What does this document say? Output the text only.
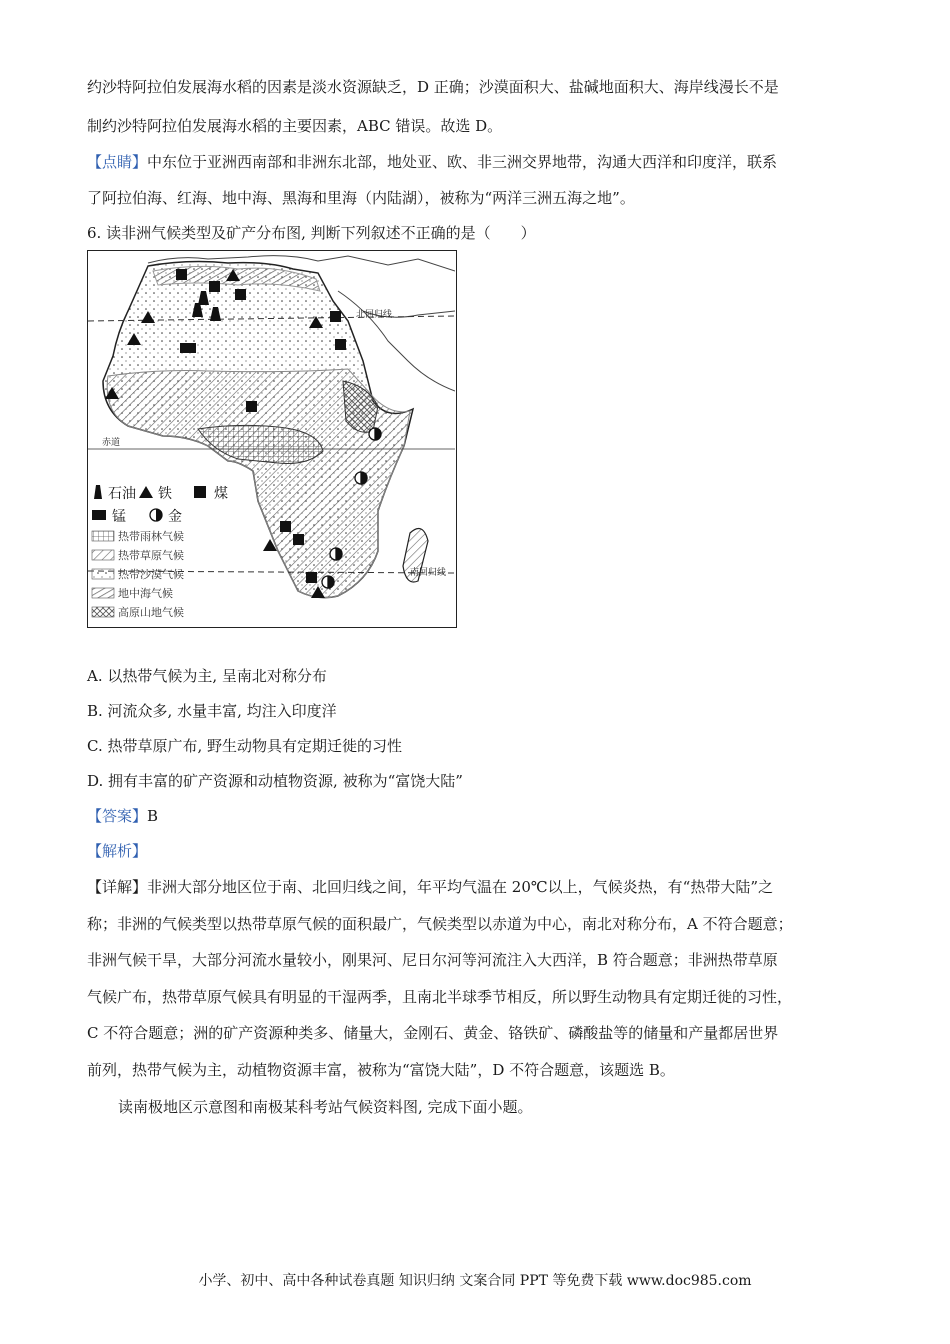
约沙特阿拉伯发展海水稻的因素是淡水资源缺乏，D 正确；沙漠面积大、盐碱地面积大、海岸线漫长不是
制约沙特阿拉伯发展海水稻的主要因素，ABC 错误。故选 D。
【点睛】中东位于亚洲西南部和非洲东北部，地处亚、欧、非三洲交界地带，沟通大西洋和印度洋，联系
了阿拉伯海、红海、地中海、黑海和里海（内陆湖），被称为“两洋三洲五海之地”。
6. 读非洲气候类型及矿产分布图, 判断下列叙述不正确的是（　　）
北回归线
赤道
南回归线
石油 铁	煤
锰	金
热带雨林气候
热带草原气候
热带沙漠气候
地中海气候
高原山地气候
A. 以热带气候为主, 呈南北对称分布
B. 河流众多, 水量丰富, 均注入印度洋
C. 热带草原广布, 野生动物具有定期迁徙的习性
D. 拥有丰富的矿产资源和动植物资源, 被称为“富饶大陆”
【答案】B
【解析】
【详解】非洲大部分地区位于南、北回归线之间，年平均气温在 20℃以上，气候炎热，有“热带大陆”之
称；非洲的气候类型以热带草原气候的面积最广，气候类型以赤道为中心，南北对称分布，A 不符合题意；
非洲气候干旱，大部分河流水量较小，刚果河、尼日尔河等河流注入大西洋，B 符合题意；非洲热带草原
气候广布，热带草原气候具有明显的干湿两季，且南北半球季节相反，所以野生动物具有定期迁徙的习性，
C 不符合题意；洲的矿产资源种类多、储量大，金刚石、黄金、铬铁矿、磷酸盐等的储量和产量都居世界
前列，热带气候为主，动植物资源丰富，被称为“富饶大陆”，D 不符合题意，该题选 B。
读南极地区示意图和南极某科考站气候资料图, 完成下面小题。
小学、初中、高中各种试卷真题 知识归纳 文案合同 PPT 等免费下载 www.doc985.com
